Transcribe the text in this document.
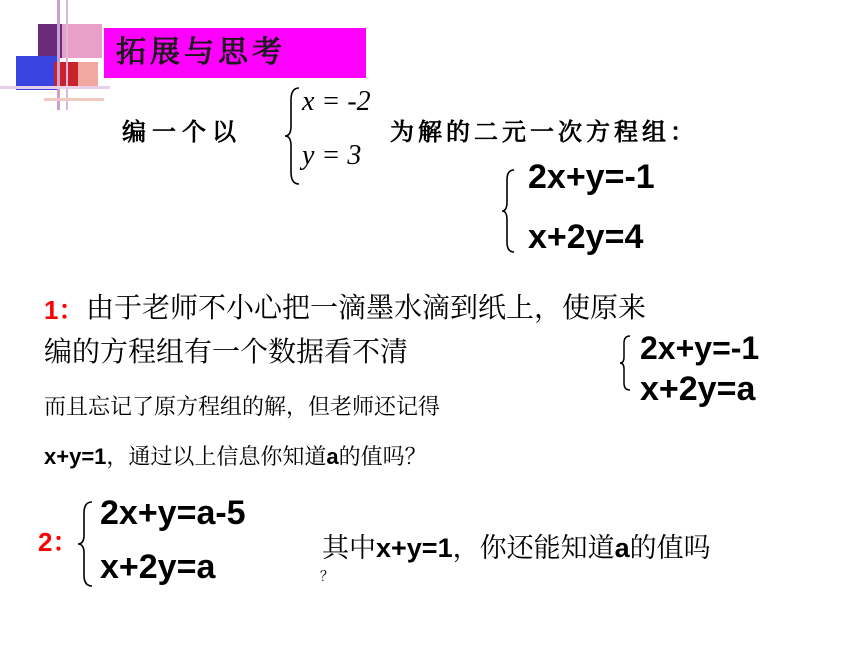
拓展与思考
编一个以
x = -2
y = 3
为解的二元一次方程组：
2x+y=-1
x+2y=4
1： 由于老师不小心把一滴墨水滴到纸上，使原来
编的方程组有一个数据看不清	2x+y=-1
x+2y=a
而且忘记了原方程组的解，但老师还记得
x+y=1，通过以上信息你知道a的值吗？
2：
2x+y=a-5
x+2y=a	其中x+y=1，你还能知道a的值吗
？
